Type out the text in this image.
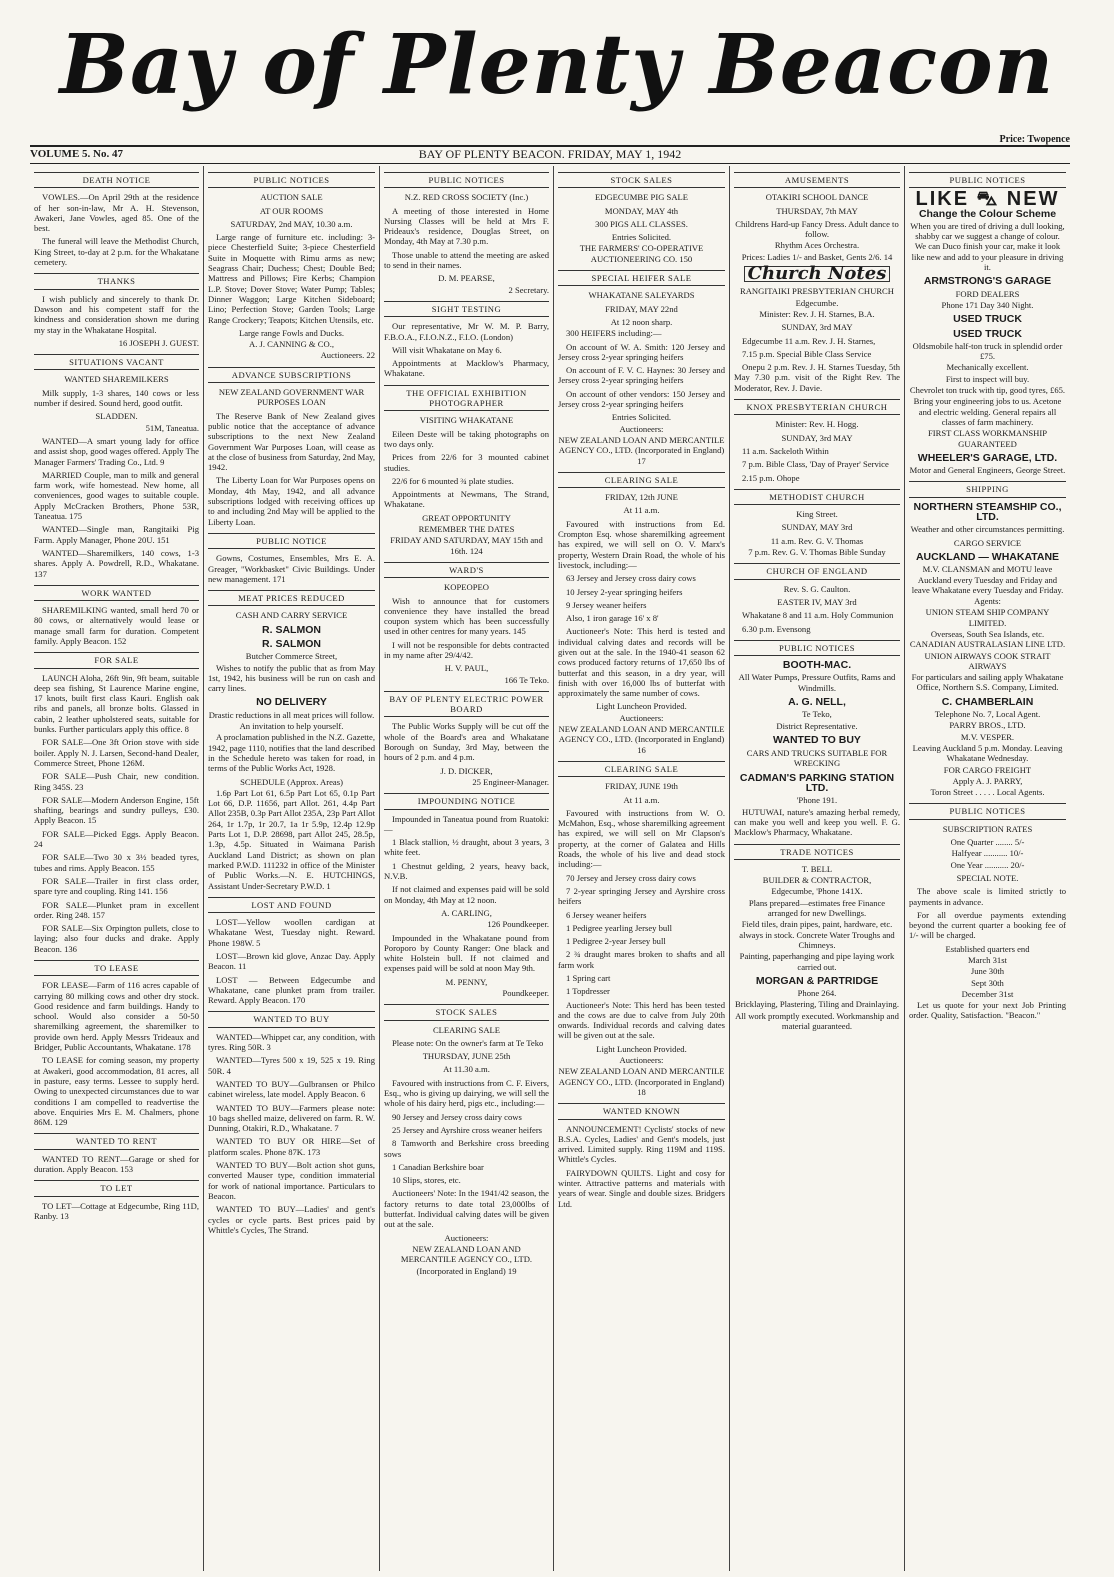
Bay of Plenty Beacon
Price: Twopence
VOLUME 5. No. 47	BAY OF PLENTY BEACON. FRIDAY, MAY 1, 1942
DEATH NOTICE

VOWLES.—On April 29th at the residence of her son-in-law, Mr A. H. Stevenson, Awakeri, Jane Vowles, aged 85. One of the best.

The funeral will leave the Methodist Church, King Street, to-day at 2 p.m. for the Whakatane cemetery.

THANKS

I wish publicly and sincerely to thank Dr. Dawson and his competent staff for the kindness and consideration shown me during my stay in the Whakatane Hospital.

16 JOSEPH J. GUEST.

SITUATIONS VACANT
WANTED SHAREMILKERS

Milk supply, 1-3 shares, 140 cows or less number if desired. Sound herd, good outfit.

SLADDEN.

51M, Taneatua.

WANTED—A smart young lady for office and assist shop, good wages offered. Apply The Manager Farmers' Trading Co., Ltd. 9

MARRIED Couple, man to milk and general farm work, wife homestead. New home, all conveniences, good wages to suitable couple. Apply McCracken Brothers, Phone 53R, Taneatua. 175

WANTED—Single man, Rangitaiki Pig Farm. Apply Manager, Phone 20U. 151

WANTED—Sharemilkers, 140 cows, 1-3 shares. Apply A. Powdrell, R.D., Whakatane. 137

WORK WANTED

SHAREMILKING wanted, small herd 70 or 80 cows, or alternatively would lease or manage small farm for duration. Competent family. Apply Beacon. 152

FOR SALE

LAUNCH Aloha, 26ft 9in, 9ft beam, suitable deep sea fishing, St Laurence Marine engine, 17 knots, built first class Kauri. English oak ribs and panels, all bronze bolts. Glassed in cabin, 2 leather upholstered seats, suitable for bunks. Further particulars apply this office. 8

FOR SALE—One 3ft Orion stove with side boiler. Apply N. J. Larsen, Second-hand Dealer, Commerce Street, Phone 126M.

FOR SALE—Push Chair, new condition. Ring 345S. 23

FOR SALE—Modern Anderson Engine, 15ft shafting, bearings and sundry pulleys, £30. Apply Beacon. 15

FOR SALE—Picked Eggs. Apply Beacon. 24

FOR SALE—Two 30 x 3½ beaded tyres, tubes and rims. Apply Beacon. 155

FOR SALE—Trailer in first class order, spare tyre and coupling. Ring 141. 156

FOR SALE—Plunket pram in excellent order. Ring 248. 157

FOR SALE—Six Orpington pullets, close to laying; also four ducks and drake. Apply Beacon. 136

TO LEASE

FOR LEASE—Farm of 116 acres capable of carrying 80 milking cows and other dry stock. Good residence and farm buildings. Handy to school. Would also consider a 50-50 sharemilking agreement, the sharemilker to provide own herd. Apply Messrs Trideaux and Bridger, Public Accountants, Whakatane. 178

TO LEASE for coming season, my property at Awakeri, good accommodation, 81 acres, all in pasture, easy terms. Lessee to supply herd. Owing to unexpected circumstances due to war conditions I am compelled to readvertise the above. Enquiries Mrs E. M. Chalmers, phone 86M. 129

WANTED TO RENT

WANTED TO RENT—Garage or shed for duration. Apply Beacon. 153

TO LET

TO LET—Cottage at Edgecumbe, Ring 11D, Ranby. 13

PUBLIC NOTICES
AUCTION SALE
AT OUR ROOMS
SATURDAY, 2nd MAY, 10.30 a.m.

Large range of furniture etc. including: 3-piece Chesterfield Suite; 3-piece Chesterfield Suite in Moquette with Rimu arms as new; Seagrass Chair; Duchess; Chest; Double Bed; Mattress and Pillows; Fire Kerbs; Champion L.P. Stove; Dover Stove; Water Pump; Tables; Dinner Waggon; Large Kitchen Sideboard; Lino; Perfection Stove; Garden Tools; Large Range Crockery; Teapots; Kitchen Utensils, etc.

Large range Fowls and Ducks.

A. J. CANNING & CO.,

Auctioneers. 22

ADVANCE SUBSCRIPTIONS
NEW ZEALAND GOVERNMENT WAR PURPOSES LOAN

The Reserve Bank of New Zealand gives public notice that the acceptance of advance subscriptions to the next New Zealand Government War Purposes Loan, will cease as at the close of business from Saturday, 2nd May, 1942.

The Liberty Loan for War Purposes opens on Monday, 4th May, 1942, and all advance subscriptions lodged with receiving offices up to and including 2nd May will be applied to the Liberty Loan.

PUBLIC NOTICE

Gowns, Costumes, Ensembles, Mrs E. A. Greager, "Workbasket" Civic Buildings. Under new management. 171

MEAT PRICES REDUCED
CASH AND CARRY SERVICE
R. SALMON
R. SALMON

Butcher Commerce Street,

Wishes to notify the public that as from May 1st, 1942, his business will be run on cash and carry lines.

NO DELIVERY

Drastic reductions in all meat prices will follow.

An invitation to help yourself.

A proclamation published in the N.Z. Gazette, 1942, page 1110, notifies that the land described in the Schedule hereto was taken for road, in terms of the Public Works Act, 1928.

SCHEDULE (Approx. Areas)

1.6p Part Lot 61, 6.5p Part Lot 65, 0.1p Part Lot 66, D.P. 11656, part Allot. 261, 4.4p Part Allot 235B, 0.3p Part Allot 235A, 23p Part Allot 264, 1r 1.7p, 1r 20.7, 1a 1r 5.9p, 12.4p 12.9p Parts Lot 1, D.P. 28698, part Allot 245, 28.5p, 1.3p, 4.5p. Situated in Waimana Parish Auckland Land District; as shown on plan marked P.W.D. 111232 in office of the Minister of Public Works.—N. E. HUTCHINGS, Assistant Under-Secretary P.W.D. 1

LOST AND FOUND

LOST—Yellow woollen cardigan at Whakatane West, Tuesday night. Reward. Phone 198W. 5

LOST—Brown kid glove, Anzac Day. Apply Beacon. 11

LOST — Between Edgecumbe and Whakatane, cane plunket pram from trailer. Reward. Apply Beacon. 170

WANTED TO BUY

WANTED—Whippet car, any condition, with tyres. Ring 50R. 3

WANTED—Tyres 500 x 19, 525 x 19. Ring 50R. 4

WANTED TO BUY—Gulbransen or Philco cabinet wireless, late model. Apply Beacon. 6

WANTED TO BUY—Farmers please note: 10 bags shelled maize, delivered on farm. R. W. Dunning, Otakiri, R.D., Whakatane. 7

WANTED TO BUY OR HIRE—Set of platform scales. Phone 87K. 173

WANTED TO BUY—Bolt action shot guns, converted Mauser type, condition immaterial for work of national importance. Particulars to Beacon.

WANTED TO BUY—Ladies' and gent's cycles or cycle parts. Best prices paid by Whittle's Cycles, The Strand.

PUBLIC NOTICES
N.Z. RED CROSS SOCIETY (Inc.)

A meeting of those interested in Home Nursing Classes will be held at Mrs F. Prideaux's residence, Douglas Street, on Monday, 4th May at 7.30 p.m.

Those unable to attend the meeting are asked to send in their names.

D. M. PEARSE,

2 Secretary.

SIGHT TESTING

Our representative, Mr W. M. P. Barry, F.B.O.A., F.I.O.N.Z., F.I.O. (London)

Will visit Whakatane on May 6.

Appointments at Macklow's Pharmacy, Whakatane.

THE OFFICIAL EXHIBITION PHOTOGRAPHER
VISITING WHAKATANE

Eileen Deste will be taking photographs on two days only.

Prices from 22/6 for 3 mounted cabinet studies.

22/6 for 6 mounted ¾ plate studies.

Appointments at Newmans, The Strand, Whakatane.

GREAT OPPORTUNITY

REMEMBER THE DATES

FRIDAY AND SATURDAY, MAY 15th and 16th. 124

WARD'S
KOPEOPEO

Wish to announce that for customers convenience they have installed the bread coupon system which has been successfully used in other centres for many years. 145

I will not be responsible for debts contracted in my name after 29/4/42.

H. V. PAUL,

166 Te Teko.

BAY OF PLENTY ELECTRIC POWER BOARD

The Public Works Supply will be cut off the whole of the Board's area and Whakatane Borough on Sunday, 3rd May, between the hours of 2 p.m. and 4 p.m.

J. D. DICKER,

25 Engineer-Manager.

IMPOUNDING NOTICE

Impounded in Taneatua pound from Ruatoki:—

1 Black stallion, ½ draught, about 3 years, 3 white feet.

1 Chestnut gelding, 2 years, heavy back, N.V.B.

If not claimed and expenses paid will be sold on Monday, 4th May at 12 noon.

A. CARLING,

126 Poundkeeper.

Impounded in the Whakatane pound from Poroporo by County Ranger: One black and white Holstein bull. If not claimed and expenses paid will be sold at noon May 9th.

M. PENNY,

Poundkeeper.

STOCK SALES
CLEARING SALE

Please note: On the owner's farm at Te Teko

THURSDAY, JUNE 25th
At 11.30 a.m.

Favoured with instructions from C. F. Eivers, Esq., who is giving up dairying, we will sell the whole of his dairy herd, pigs etc., including:—

90 Jersey and Jersey cross dairy cows

25 Jersey and Ayrshire cross weaner heifers

8 Tamworth and Berkshire cross breeding sows

1 Canadian Berkshire boar

10 Slips, stores, etc.

Auctioneers' Note: In the 1941/42 season, the factory returns to date total 23,000lbs of butterfat. Individual calving dates will be given out at the sale.

Auctioneers:

NEW ZEALAND LOAN AND MERCANTILE AGENCY CO., LTD.

(Incorporated in England) 19

STOCK SALES
EDGECUMBE PIG SALE
MONDAY, MAY 4th
300 PIGS ALL CLASSES.

Entries Solicited.

THE FARMERS' CO-OPERATIVE AUCTIONEERING CO. 150

SPECIAL HEIFER SALE
WHAKATANE SALEYARDS
FRIDAY, MAY 22nd

At 12 noon sharp.

300 HEIFERS including:—

On account of W. A. Smith: 120 Jersey and Jersey cross 2-year springing heifers

On account of F. V. C. Haynes: 30 Jersey and Jersey cross 2-year springing heifers

On account of other vendors: 150 Jersey and Jersey cross 2-year springing heifers

Entries Solicited.

Auctioneers:

NEW ZEALAND LOAN AND MERCANTILE AGENCY CO., LTD. (Incorporated in England) 17

CLEARING SALE
FRIDAY, 12th JUNE
At 11 a.m.

Favoured with instructions from Ed. Crompton Esq. whose sharemilking agreement has expired, we will sell on O. V. Marx's property, Western Drain Road, the whole of his livestock, including:—

63 Jersey and Jersey cross dairy cows

10 Jersey 2-year springing heifers

9 Jersey weaner heifers

Also, 1 iron garage 16' x 8'

Auctioneer's Note: This herd is tested and individual calving dates and records will be given out at the sale. In the 1940-41 season 62 cows produced factory returns of 17,650 lbs of butterfat and this season, in a dry year, will finish with over 16,000 lbs of butterfat with approximately the same number of cows.

Light Luncheon Provided.

Auctioneers:

NEW ZEALAND LOAN AND MERCANTILE AGENCY CO., LTD. (Incorporated in England) 16

CLEARING SALE
FRIDAY, JUNE 19th
At 11 a.m.

Favoured with instructions from W. O. McMahon, Esq., whose sharemilking agreement has expired, we will sell on Mr Clapson's property, at the corner of Galatea and Hills Roads, the whole of his live and dead stock including:—

70 Jersey and Jersey cross dairy cows

7 2-year springing Jersey and Ayrshire cross heifers

6 Jersey weaner heifers

1 Pedigree yearling Jersey bull

1 Pedigree 2-year Jersey bull

2 ¾ draught mares broken to shafts and all farm work

1 Spring cart

1 Topdresser

Auctioneer's Note: This herd has been tested and the cows are due to calve from July 20th onwards. Individual records and calving dates will be given out at the sale.

Light Luncheon Provided.

Auctioneers:

NEW ZEALAND LOAN AND MERCANTILE AGENCY CO., LTD. (Incorporated in England) 18

WANTED KNOWN

ANNOUNCEMENT! Cyclists' stocks of new B.S.A. Cycles, Ladies' and Gent's models, just arrived. Limited supply. Ring 119M and 119S. Whittle's Cycles.

FAIRYDOWN QUILTS. Light and cosy for winter. Attractive patterns and materials with years of wear. Single and double sizes. Bridgers Ltd.

AMUSEMENTS
OTAKIRI SCHOOL DANCE
THURSDAY, 7th MAY

Childrens Hard-up Fancy Dress. Adult dance to follow.

Rhythm Aces Orchestra.

Prices: Ladies 1/- and Basket, Gents 2/6. 14

Church Notes

RANGITAIKI PRESBYTERIAN CHURCH

Edgecumbe.

Minister: Rev. J. H. Starnes, B.A.

SUNDAY, 3rd MAY

Edgecumbe 11 a.m. Rev. J. H. Starnes,

7.15 p.m. Special Bible Class Service

Onepu 2 p.m. Rev. J. H. Starnes Tuesday, 5th May 7.30 p.m. visit of the Right Rev. The Moderator, Rev. J. Davie.

KNOX PRESBYTERIAN CHURCH

Minister: Rev. H. Hogg.

SUNDAY, 3rd MAY

11 a.m. Sackeloth Within

7 p.m. Bible Class, 'Day of Prayer' Service

2.15 p.m. Ohope

METHODIST CHURCH

King Street.

SUNDAY, MAY 3rd

11 a.m. Rev. G. V. Thomas

7 p.m. Rev. G. V. Thomas Bible Sunday

CHURCH OF ENGLAND

Rev. S. G. Caulton.

EASTER IV, MAY 3rd

Whakatane 8 and 11 a.m. Holy Communion

6.30 p.m. Evensong

PUBLIC NOTICES
BOOTH-MAC.

All Water Pumps, Pressure Outfits, Rams and Windmills.

A. G. NELL,

Te Teko,

District Representative.

WANTED TO BUY
CARS AND TRUCKS SUITABLE FOR WRECKING
CADMAN'S PARKING STATION LTD.

'Phone 191.

HUTUWAI, nature's amazing herbal remedy, can make you well and keep you well. F. G. Macklow's Pharmacy, Whakatane.

TRADE NOTICES

T. BELL

BUILDER & CONTRACTOR,

Edgecumbe, 'Phone 141X.

Plans prepared—estimates free Finance arranged for new Dwellings.

Field tiles, drain pipes, paint, hardware, etc. always in stock. Concrete Water Troughs and Chimneys.

Painting, paperhanging and pipe laying work carried out.

MORGAN & PARTRIDGE

Phone 264.

Bricklaying, Plastering, Tiling and Drainlaying.

All work promptly executed. Workmanship and material guaranteed.

PUBLIC NOTICES
LIKE ⛍ NEW
Change the Colour Scheme

When you are tired of driving a dull looking, shabby car we suggest a change of colour. We can Duco finish your car, make it look like new and add to your pleasure in driving it.

ARMSTRONG'S GARAGE

FORD DEALERS

Phone 171 Day 340 Night.

USED TRUCK
USED TRUCK

Oldsmobile half-ton truck in splendid order £75.

Mechanically excellent.

First to inspect will buy.

Chevrolet ton truck with tip, good tyres, £65.

Bring your engineering jobs to us. Acetone and electric welding. General repairs all classes of farm machinery.

FIRST CLASS WORKMANSHIP GUARANTEED

WHEELER'S GARAGE, LTD.

Motor and General Engineers, George Street.

SHIPPING
NORTHERN STEAMSHIP CO., LTD.

Weather and other circumstances permitting.

CARGO SERVICE
AUCKLAND — WHAKATANE

M.V. CLANSMAN and MOTU leave Auckland every Tuesday and Friday and leave Whakatane every Tuesday and Friday.

Agents:

UNION STEAM SHIP COMPANY LIMITED.

Overseas, South Sea Islands, etc. CANADIAN AUSTRALASIAN LINE LTD.

UNION AIRWAYS COOK STRAIT AIRWAYS

For particulars and sailing apply Whakatane Office, Northern S.S. Company, Limited.

C. CHAMBERLAIN

Telephone No. 7, Local Agent.

PARRY BROS., LTD.

M.V. VESPER.

Leaving Auckland 5 p.m. Monday. Leaving Whakatane Wednesday.

FOR CARGO FREIGHT

Apply A. J. PARRY,

Toron Street . . . . . Local Agents.

PUBLIC NOTICES
SUBSCRIPTION RATES

One Quarter ........ 5/-

Halfyear ........... 10/-

One Year ........... 20/-

SPECIAL NOTE.

The above scale is limited strictly to payments in advance.

For all overdue payments extending beyond the current quarter a booking fee of 1/- will be charged.

Established quarters end

March 31st

June 30th

Sept 30th

December 31st

Let us quote for your next Job Printing order. Quality, Satisfaction. "Beacon."
